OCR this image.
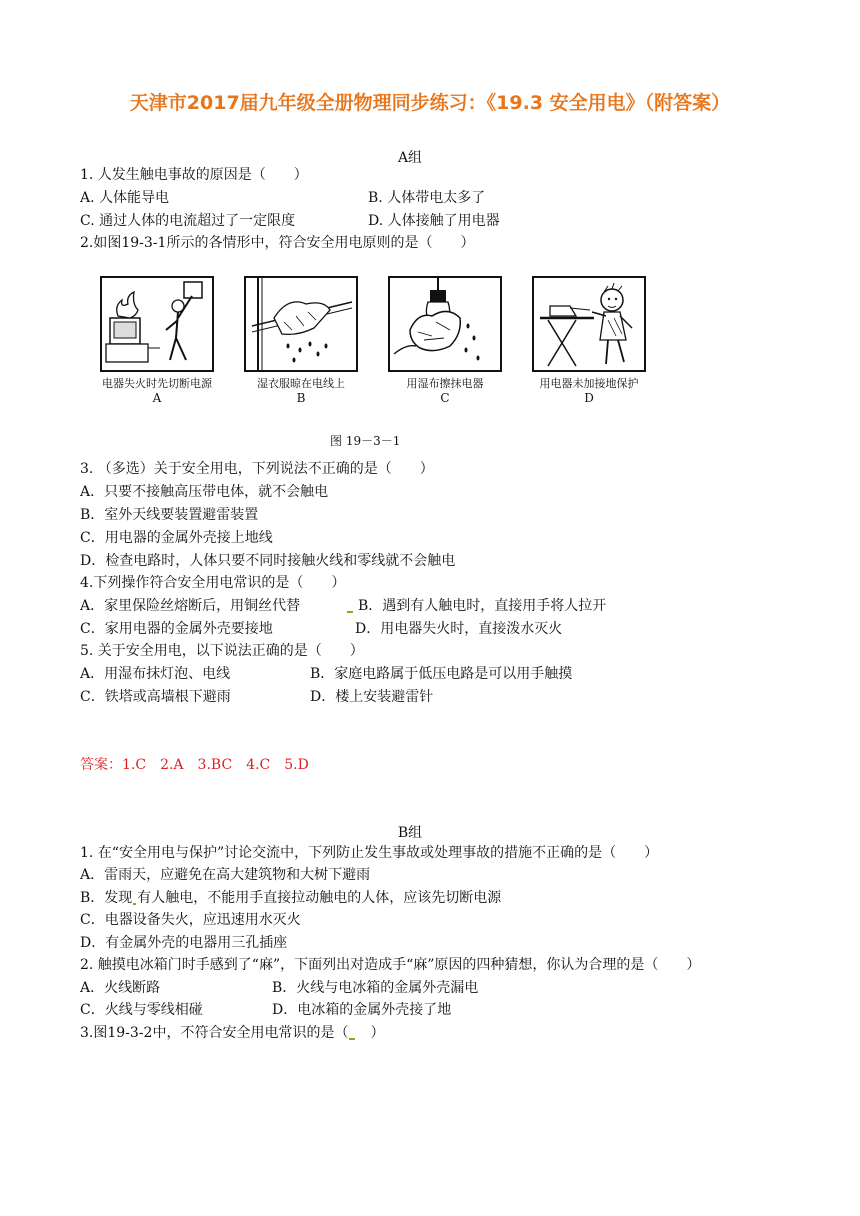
天津市2017届九年级全册物理同步练习：《19.3 安全用电》（附答案）
A组
1. 人发生触电事故的原因是（　　）
A. 人体能导电	B. 人体带电太多了
C. 通过人体的电流超过了一定限度	D. 人体接触了用电器
2.如图19-3-1所示的各情形中，符合安全用电原则的是（　　）
电器失火时先切断电源
A
湿衣服晾在电线上
B
用湿布擦抹电器
C
用电器未加接地保护
D
图 19－3－1
3. （多选）关于安全用电，下列说法不正确的是（　　）
A．只要不接触高压带电体，就不会触电
B．室外天线要装置避雷装置
C．用电器的金属外壳接上地线
D．检查电路时，人体只要不同时接触火线和零线就不会触电
4.下列操作符合安全用电常识的是（　　）
A．家里保险丝熔断后，用铜丝代替	B．遇到有人触电时，直接用手将人拉开
C．家用电器的金属外壳要接地	D．用电器失火时，直接泼水灭火
5. 关于安全用电，以下说法正确的是（　　）
A．用湿布抹灯泡、电线	B．家庭电路属于低压电路是可以用手触摸
C．铁塔或高墙根下避雨	D．楼上安装避雷针
答案：1.C 2.A 3.BC 4.C 5.D
B组
1. 在“安全用电与保护”讨论交流中，下列防止发生事故或处理事故的措施不正确的是（　　）
A．雷雨天，应避免在高大建筑物和大树下避雨
B．发现 有人触电，不能用手直接拉动触电的人体，应该先切断电源
C．电器设备失火，应迅速用水灭火
D．有金属外壳的电器用三孔插座
2. 触摸电冰箱门时手感到了“麻”，下面列出对造成手“麻”原因的四种猜想，你认为合理的是（　　）
A．火线断路	B．火线与电冰箱的金属外壳漏电
C．火线与零线相碰	D．电冰箱的金属外壳接了地
3.图19-3-2中，不符合安全用电常识的是（　）
